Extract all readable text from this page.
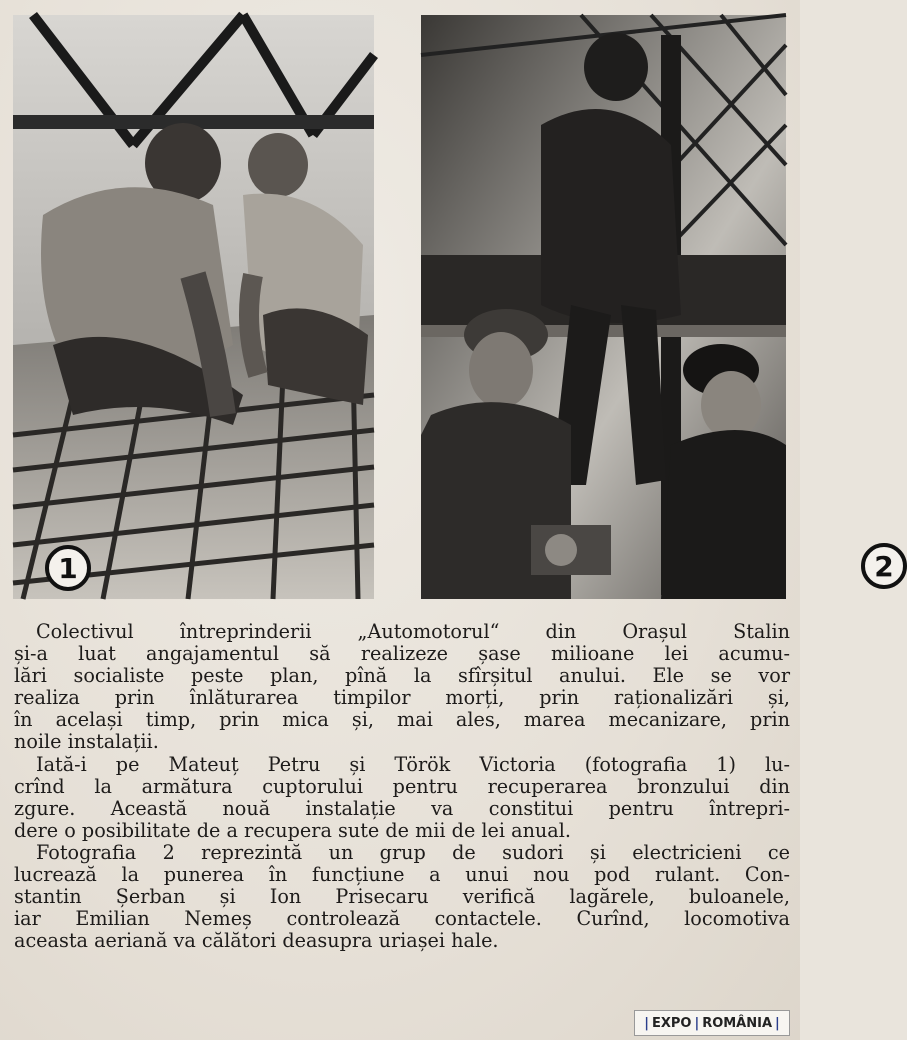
1	2

Colectivul întreprinderii „Automotorul“ din Orașul Stalin
și-a luat angajamentul să realizeze șase milioane lei acumu-
lări socialiste peste plan, pînă la sfîrșitul anului. Ele se vor
realiza prin înlăturarea timpilor morți, prin raționalizări și,
în același timp, prin mica și, mai ales, marea mecanizare, prin
noile instalații.

Iată-i pe Mateuț Petru și Török Victoria (fotografia 1) lu-
crînd la armătura cuptorului pentru recuperarea bronzului din
zgure. Această nouă instalație va constitui pentru întrepri-
dere o posibilitate de a recupera sute de mii de lei anual.

Fotografia 2 reprezintă un grup de sudori și electricieni ce
lucrează la punerea în funcțiune a unui nou pod rulant. Con-
stantin Șerban și Ion Prisecaru verifică lagărele, buloanele,
iar Emilian Nemeș controlează contactele. Curînd, locomotiva
aceasta aeriană va călători deasupra uriașei hale.

| EXPO | ROMÂNIA |
